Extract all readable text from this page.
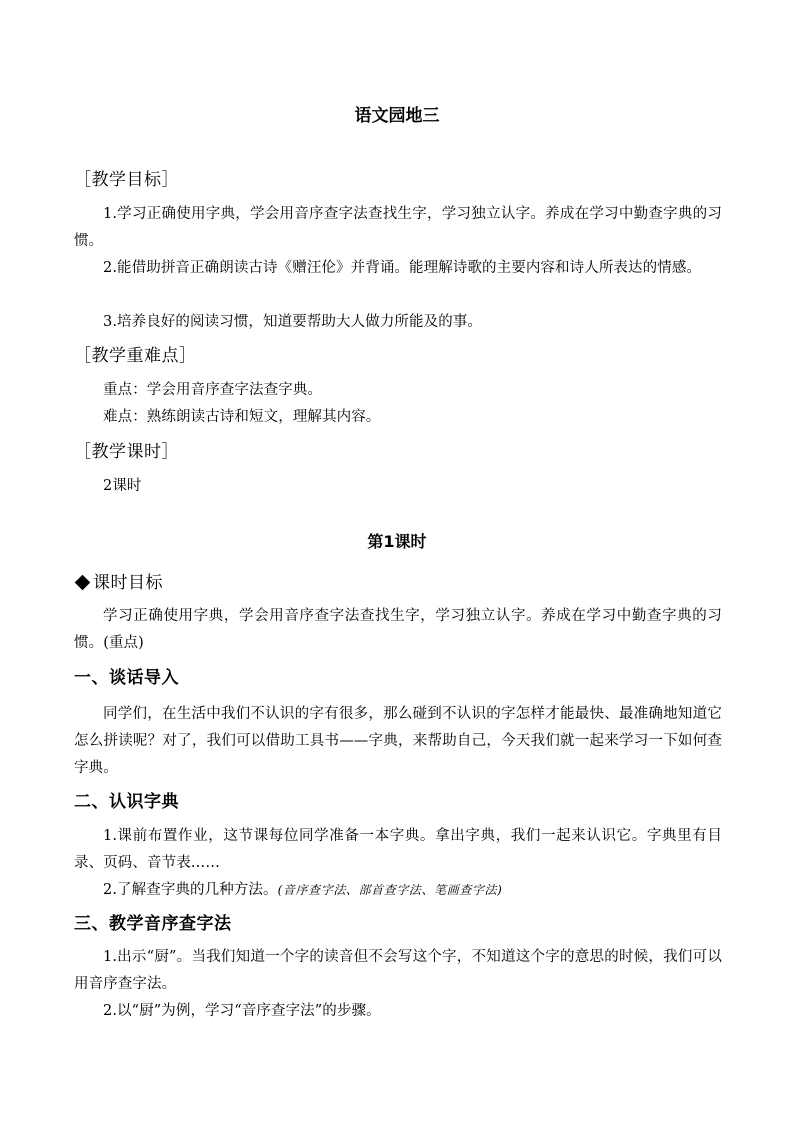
语文园地三
［教学目标］
1.学习正确使用字典，学会用音序查字法查找生字，学习独立认字。养成在学习中勤查字典的习惯。
2.能借助拼音正确朗读古诗《赠汪伦》并背诵。能理解诗歌的主要内容和诗人所表达的情感。
3.培养良好的阅读习惯，知道要帮助大人做力所能及的事。
［教学重难点］
重点：学会用音序查字法查字典。
难点：熟练朗读古诗和短文，理解其内容。
［教学课时］
2课时
第1课时
课时目标
学习正确使用字典，学会用音序查字法查找生字，学习独立认字。养成在学习中勤查字典的习惯。(重点)
一、谈话导入
同学们，在生活中我们不认识的字有很多，那么碰到不认识的字怎样才能最快、最准确地知道它怎么拼读呢？对了，我们可以借助工具书——字典，来帮助自己，今天我们就一起来学习一下如何查字典。
二、认识字典
1.课前布置作业，这节课每位同学准备一本字典。拿出字典，我们一起来认识它。字典里有目录、页码、音节表……
2.了解查字典的几种方法。(音序查字法、部首查字法、笔画查字法)
三、教学音序查字法
1.出示“厨”。当我们知道一个字的读音但不会写这个字，不知道这个字的意思的时候，我们可以用音序查字法。
2.以“厨”为例，学习“音序查字法”的步骤。
